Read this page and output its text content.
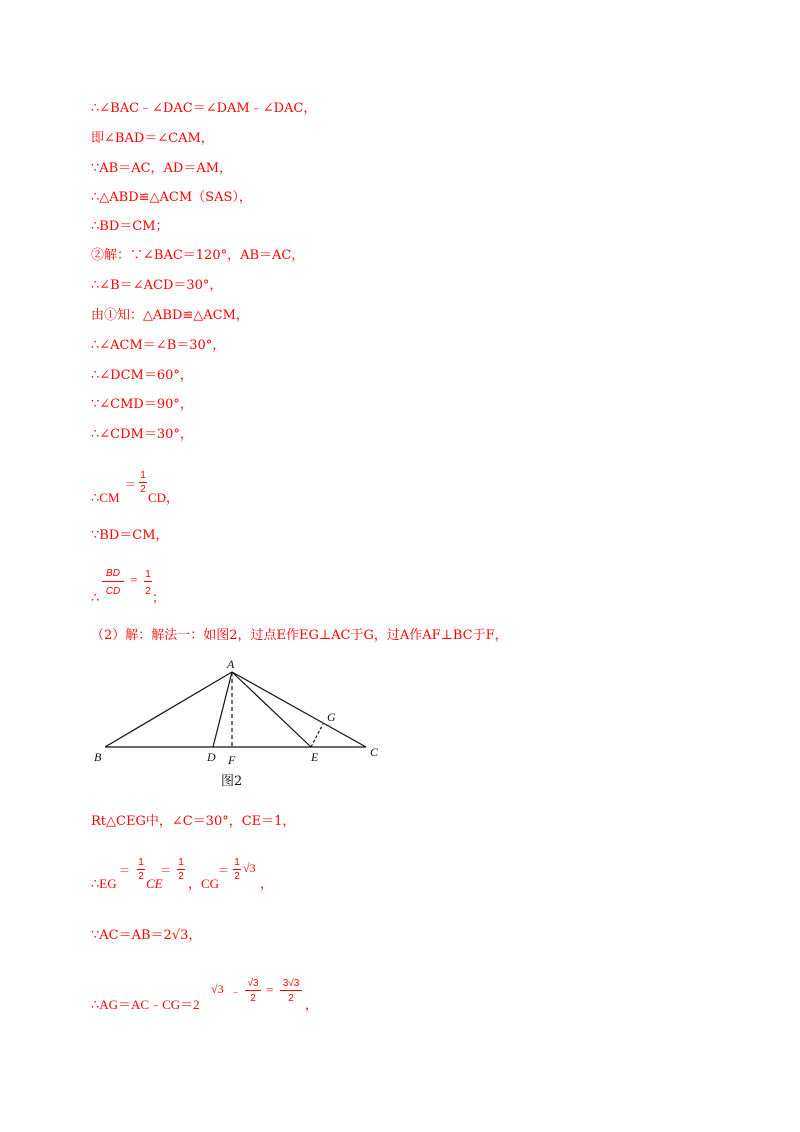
∴∠BAC﹣∠DAC＝∠DAM﹣∠DAC，
即∠BAD＝∠CAM，
∵AB＝AC，AD＝AM，
∴△ABD≌△ACM（SAS），
∴BD＝CM；
②解：∵∠BAC＝120°，AB＝AC，
∴∠B＝∠ACD＝30°，
由①知：△ABD≌△ACM，
∴∠ACM＝∠B＝30°，
∴∠DCM＝60°，
∵∠CMD＝90°，
∴∠CDM＝30°，
∴CM
＝
1
2
CD，
∵BD＝CM，
∴
BD
CD
= 1
2 ；
（2）解：解法一：如图2，过点E作EG⊥AC于G，过A作AF⊥BC于F，
A
B	C
D	E
F
G
图2
Rt△CEG中，∠C＝30°，CE＝1，
∴EG
＝
1
2 CE
＝
1
2 ，CG
＝
1
2
√3
，
∵AC＝AB＝2√3，
∴AG＝AC﹣CG＝2
√3 ﹣
√3
2
= 3√3
2 ，
